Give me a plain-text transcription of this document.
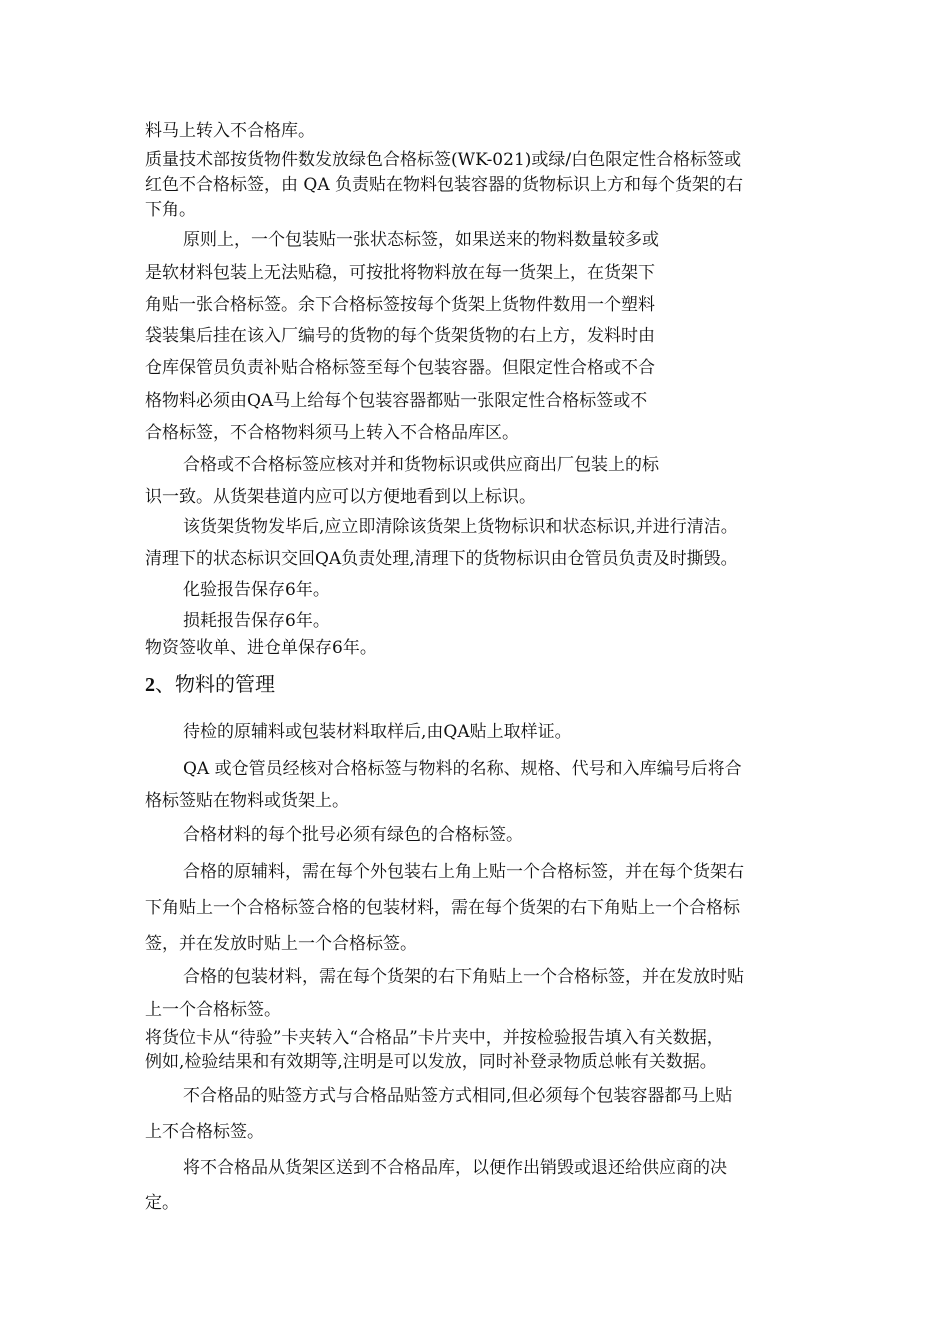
料马上转入不合格库。
质量技术部按货物件数发放绿色合格标签(WK-021)或绿/白色限定性合格标签或
红色不合格标签，由 QA 负责贴在物料包装容器的货物标识上方和每个货架的右
下角。
原则上，一个包装贴一张状态标签，如果送来的物料数量较多或
是软材料包装上无法贴稳，可按批将物料放在每一货架上，在货架下
角贴一张合格标签。余下合格标签按每个货架上货物件数用一个塑料
袋装集后挂在该入厂编号的货物的每个货架货物的右上方，发料时由
仓库保管员负责补贴合格标签至每个包装容器。但限定性合格或不合
格物料必须由QA马上给每个包装容器都贴一张限定性合格标签或不
合格标签，不合格物料须马上转入不合格品库区。
合格或不合格标签应核对并和货物标识或供应商出厂包装上的标
识一致。从货架巷道内应可以方便地看到以上标识。
该货架货物发毕后,应立即清除该货架上货物标识和状态标识,并进行清洁。
清理下的状态标识交回QA负责处理,清理下的货物标识由仓管员负责及时撕毁。
化验报告保存6年。
损耗报告保存6年。
物资签收单、进仓单保存6年。
2、物料的管理
待检的原辅料或包装材料取样后,由QA贴上取样证。
QA 或仓管员经核对合格标签与物料的名称、规格、代号和入库编号后将合
格标签贴在物料或货架上。
合格材料的每个批号必须有绿色的合格标签。
合格的原辅料，需在每个外包装右上角上贴一个合格标签，并在每个货架右
下角贴上一个合格标签合格的包装材料，需在每个货架的右下角贴上一个合格标
签，并在发放时贴上一个合格标签。
合格的包装材料，需在每个货架的右下角贴上一个合格标签，并在发放时贴
上一个合格标签。
将货位卡从“待验”卡夹转入“合格品”卡片夹中，并按检验报告填入有关数据，
例如,检验结果和有效期等,注明是可以发放，同时补登录物质总帐有关数据。
不合格品的贴签方式与合格品贴签方式相同,但必须每个包装容器都马上贴
上不合格标签。
将不合格品从货架区送到不合格品库，以便作出销毁或退还给供应商的决
定。
